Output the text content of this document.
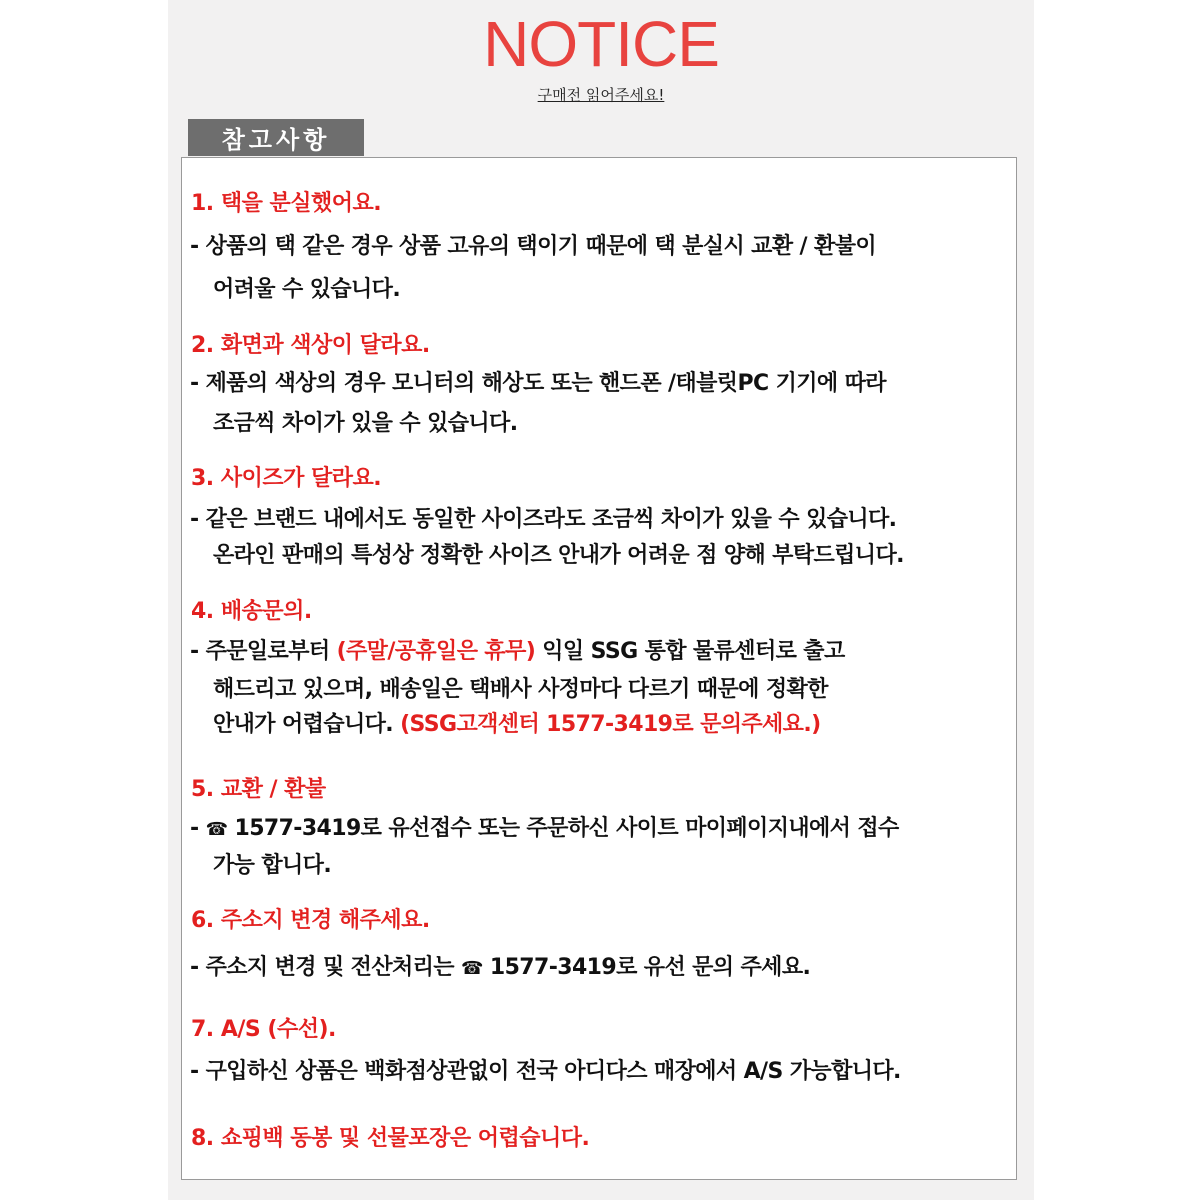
NOTICE
구매전 읽어주세요!
참고사항
1. 택을 분실했어요.
- 상품의 택 같은 경우 상품 고유의 택이기 때문에 택 분실시 교환 / 환불이
어려울 수 있습니다.
2. 화면과 색상이 달라요.
- 제품의 색상의 경우 모니터의 해상도 또는 핸드폰 /태블릿PC 기기에 따라
조금씩 차이가 있을 수 있습니다.
3. 사이즈가 달라요.
- 같은 브랜드 내에서도 동일한 사이즈라도 조금씩 차이가 있을 수 있습니다.
온라인 판매의 특성상 정확한 사이즈 안내가 어려운 점 양해 부탁드립니다.
4. 배송문의.
- 주문일로부터 (주말/공휴일은 휴무) 익일 SSG 통합 물류센터로 출고
해드리고 있으며, 배송일은 택배사 사정마다 다르기 때문에 정확한
안내가 어렵습니다. (SSG고객센터 1577-3419로 문의주세요.)
5. 교환 / 환불
- ☎ 1577-3419로 유선접수 또는 주문하신 사이트 마이페이지내에서 접수
가능 합니다.
6. 주소지 변경 해주세요.
- 주소지 변경 및 전산처리는 ☎ 1577-3419로 유선 문의 주세요.
7. A/S (수선).
- 구입하신 상품은 백화점상관없이 전국 아디다스 매장에서 A/S 가능합니다.
8. 쇼핑백 동봉 및 선물포장은 어렵습니다.
